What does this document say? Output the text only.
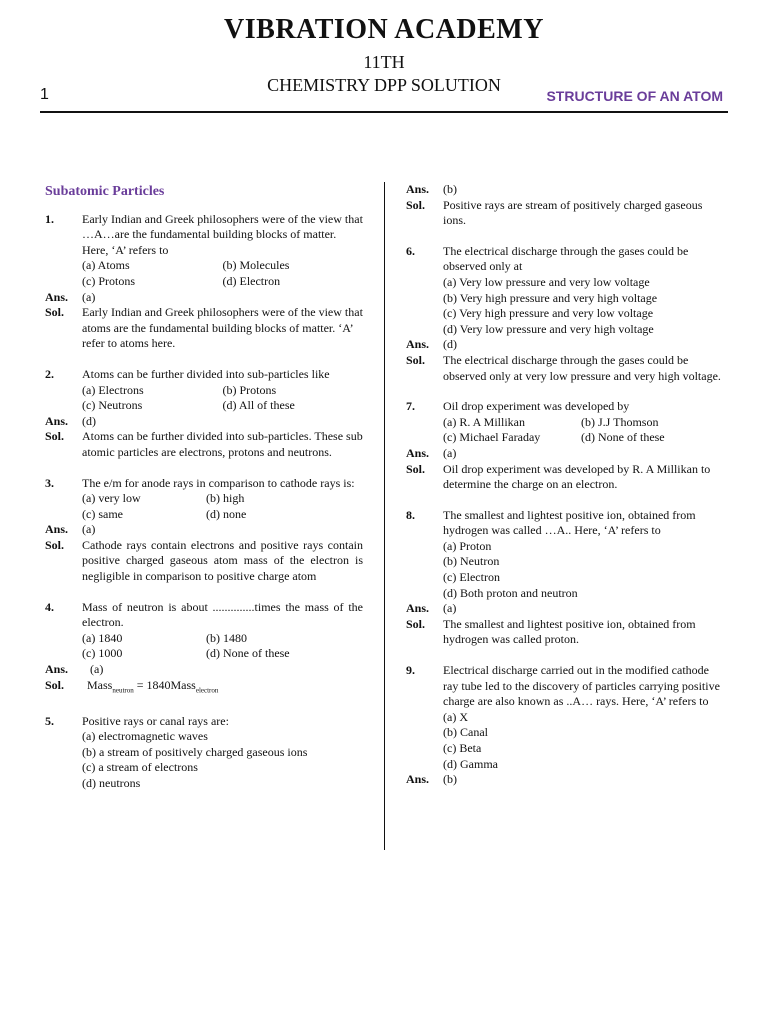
VIBRATION ACADEMY
11TH
CHEMISTRY DPP SOLUTION
1	STRUCTURE OF AN ATOM
Subatomic Particles
1.	Early Indian and Greek philosophers were of the view that …A…are the fundamental building blocks of matter. Here, ‘A’ refers to
(a) Atoms	(b) Molecules
(c) Protons	(d) Electron
Ans.	(a)
Sol.	Early Indian and Greek philosophers were of the view that atoms are the fundamental building blocks of matter. ‘A’ refer to atoms here.
2.	Atoms can be further divided into sub-particles like
(a) Electrons	(b) Protons
(c) Neutrons	(d) All of these
Ans.	(d)
Sol.	Atoms can be further divided into sub-particles. These sub atomic particles are electrons, protons and neutrons.
3.	The e/m for anode rays in comparison to cathode rays is:
(a) very low	(b) high
(c) same	(d) none
Ans.	(a)
Sol.	Cathode rays contain electrons and positive rays contain positive charged gaseous atom mass of the electron is negligible in comparison to positive charge atom
4.	Mass of neutron is about ..............times the mass of the electron.
(a) 1840	(b) 1480
(c) 1000	(d) None of these
Ans.	(a)
Sol.	Mass$_{neutron}$ = 1840Mass$_{electron}$
5.	Positive rays or canal rays are:
(a) electromagnetic waves
(b) a stream of positively charged gaseous ions
(c) a stream of electrons
(d) neutrons
Ans.	(b)
Sol.	Positive rays are stream of positively charged gaseous ions.
6.	The electrical discharge through the gases could be observed only at
(a) Very low pressure and very low voltage
(b) Very high pressure and very high voltage
(c) Very high pressure and very low voltage
(d) Very low pressure and very high voltage
Ans.	(d)
Sol.	The electrical discharge through the gases could be observed only at very low pressure and very high voltage.
7.	Oil drop experiment was developed by
(a) R. A Millikan	(b) J.J Thomson
(c) Michael Faraday	(d) None of these
Ans.	(a)
Sol.	Oil drop experiment was developed by R. A Millikan to determine the charge on an electron.
8.	The smallest and lightest positive ion, obtained from hydrogen was called …A.. Here, ‘A’ refers to
(a) Proton
(b) Neutron
(c) Electron
(d) Both proton and neutron
Ans.	(a)
Sol.	The smallest and lightest positive ion, obtained from hydrogen was called proton.
9.	Electrical discharge carried out in the modified cathode ray tube led to the discovery of particles carrying positive charge are also known as ..A… rays. Here, ‘A’ refers to
(a) X
(b) Canal
(c) Beta
(d) Gamma
Ans.	(b)
